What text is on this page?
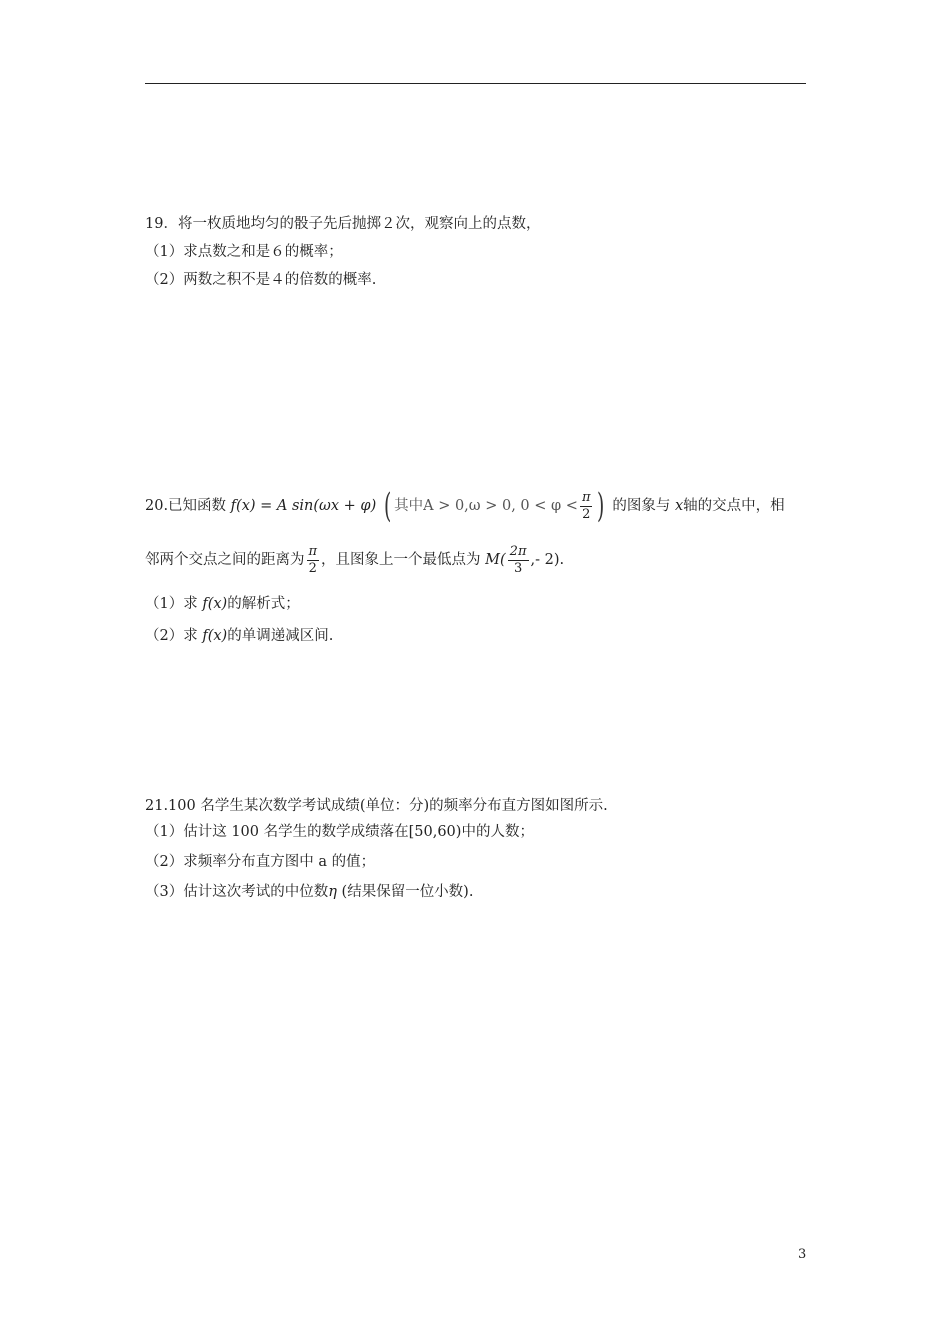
19．将一枚质地均匀的骰子先后抛掷２次，观察向上的点数，
（1）求点数之和是６的概率；
（2）两数之积不是４的倍数的概率.
20.已知函数 f(x) = A sin(ωx + φ) ( 其中A > 0,ω > 0, $0 < \varphi < \frac{\pi}{2}$ ) 的图象与 x轴的交点中，相
邻两个交点之间的距离为 $\frac{\pi}{2}$ ，且图象上一个最低点为 $M( \frac{2\pi}{3}$ ,- 2).
（1）求 f(x)的解析式；
（2）求 f(x)的单调递减区间.
21.100 名学生某次数学考试成绩(单位：分)的频率分布直方图如图所示.
（1）估计这 100 名学生的数学成绩落在[50,60)中的人数；
（2）求频率分布直方图中 a 的值；
（3）估计这次考试的中位数η (结果保留一位小数).
3
